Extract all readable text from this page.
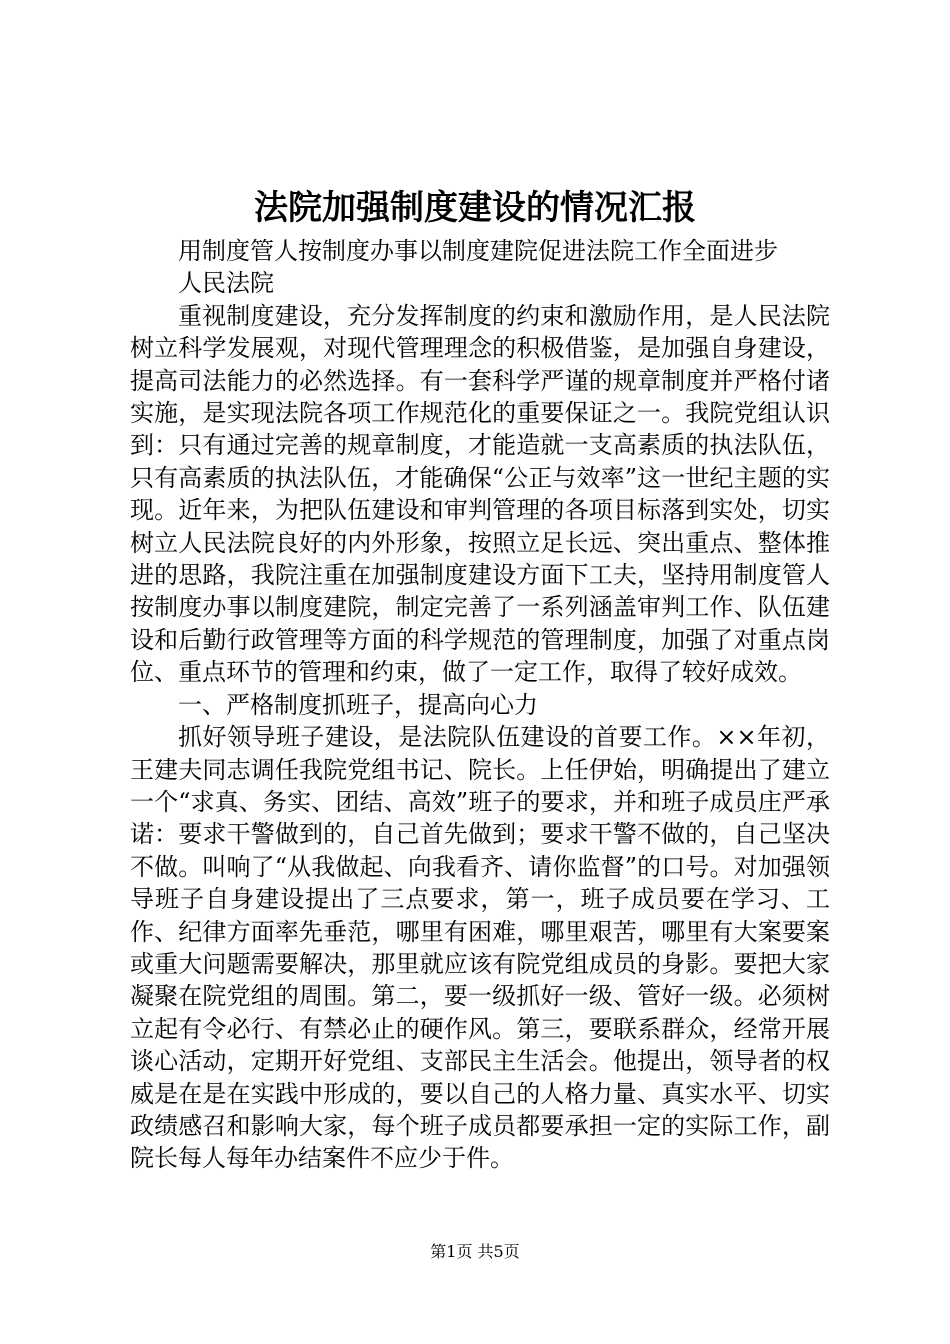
法院加强制度建设的情况汇报

用制度管人按制度办事以制度建院促进法院工作全面进步

人民法院

重视制度建设，充分发挥制度的约束和激励作用，是人民法院树立科学发展观，对现代管理理念的积极借鉴，是加强自身建设，提高司法能力的必然选择。有一套科学严谨的规章制度并严格付诸实施，是实现法院各项工作规范化的重要保证之一。我院党组认识到：只有通过完善的规章制度，才能造就一支高素质的执法队伍，只有高素质的执法队伍，才能确保“公正与效率”这一世纪主题的实现。近年来，为把队伍建设和审判管理的各项目标落到实处，切实树立人民法院良好的内外形象，按照立足长远、突出重点、整体推进的思路，我院注重在加强制度建设方面下工夫，坚持用制度管人按制度办事以制度建院，制定完善了一系列涵盖审判工作、队伍建设和后勤行政管理等方面的科学规范的管理制度，加强了对重点岗位、重点环节的管理和约束，做了一定工作，取得了较好成效。

一、严格制度抓班子，提高向心力

抓好领导班子建设，是法院队伍建设的首要工作。××年初，王建夫同志调任我院党组书记、院长。上任伊始，明确提出了建立一个“求真、务实、团结、高效”班子的要求，并和班子成员庄严承诺：要求干警做到的，自己首先做到；要求干警不做的，自己坚决不做。叫响了“从我做起、向我看齐、请你监督”的口号。对加强领导班子自身建设提出了三点要求，第一，班子成员要在学习、工作、纪律方面率先垂范，哪里有困难，哪里艰苦，哪里有大案要案或重大问题需要解决，那里就应该有院党组成员的身影。要把大家凝聚在院党组的周围。第二，要一级抓好一级、管好一级。必须树立起有令必行、有禁必止的硬作风。第三，要联系群众，经常开展谈心活动，定期开好党组、支部民主生活会。他提出，领导者的权威是在是在实践中形成的，要以自己的人格力量、真实水平、切实政绩感召和影响大家，每个班子成员都要承担一定的实际工作，副院长每人每年办结案件不应少于件。

第1页 共5页
